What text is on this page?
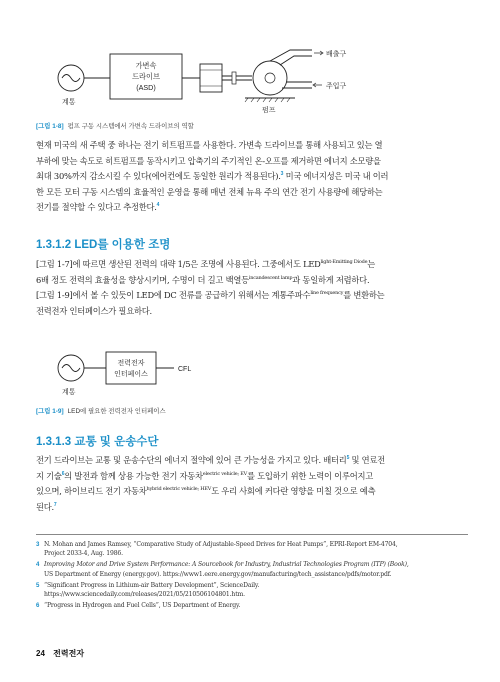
가변속
드라이브
(ASD)
계통
펌프
배출구
주입구
[그림 1-8] 펌프 구동 시스템에서 가변속 드라이브의 역할
현재 미국의 새 주택 중 하나는 전기 히트펌프를 사용한다. 가변속 드라이브를 통해 사용되고 있는 열
부하에 맞는 속도로 히트펌프를 동작시키고 압축기의 주기적인 온-오프를 제거하면 에너지 소모량을
최대 30%까지 감소시킬 수 있다(에어컨에도 동일한 원리가 적용된다).$^3$ 미국 에너지성은 미국 내 이러
한 모든 모터 구동 시스템의 효율적인 운영을 통해 매년 전체 뉴욕 주의 연간 전기 사용량에 해당하는
전기를 절약할 수 있다고 추정한다.$^4$
1.3.1.2 LED를 이용한 조명
[그림 1-7]에 따르면 생산된 전력의 대략 1/5은 조명에 사용된다. 그중에서도 $LED^{light-Emitting Diode}$는
6배 정도 전력의 효율성을 향상시키며, 수명이 더 길고 백열등$^{incandescent lamp}$과 동일하게 저렴하다.
[그림 1-9]에서 볼 수 있듯이 LED에 DC 전류를 공급하기 위해서는 계통주파수$^{line frequency}$를 변환하는
전력전자 인터페이스가 필요하다.
전력전자
인터페이스
CFL
계통
[그림 1-9] LED에 필요한 전력전자 인터페이스
1.3.1.3 교통 및 운송수단
전기 드라이브는 교통 및 운송수단의 에너지 절약에 있어 큰 가능성을 가지고 있다. 배터리$^5$ 및 연료전
지 기술$^6$의 발전과 함께 상용 가능한 전기 자동차$^{electric vehicle; EV}$를 도입하기 위한 노력이 이루어지고
있으며, 하이브리드 전기 자동차$^{hybrid electric vehicle; HEV}$도 우리 사회에 커다란 영향을 미칠 것으로 예측
된다.$^7$
3 N. Mohan and James Ramsey, “Comparative Study of Adjustable-Speed Drives for Heat Pumps”, EPRI-Report EM-4704,
Project 2033-4, Aug. 1986.
4 Improving Motor and Drive System Performance: A Sourcebook for Industry, Industrial Technologies Program (ITP) (Book),
US Department of Energy (energy.gov). https://www1.eere.energy.gov/manufacturing/tech_assistance/pdfs/motor.pdf.
5 “Significant Progress in Lithium-air Battery Development”, ScienceDaily.
https://www.sciencedaily.com/releases/2021/05/210506104801.htm.
6 “Progress in Hydrogen and Fuel Cells”, US Department of Energy.
24 전력전자
